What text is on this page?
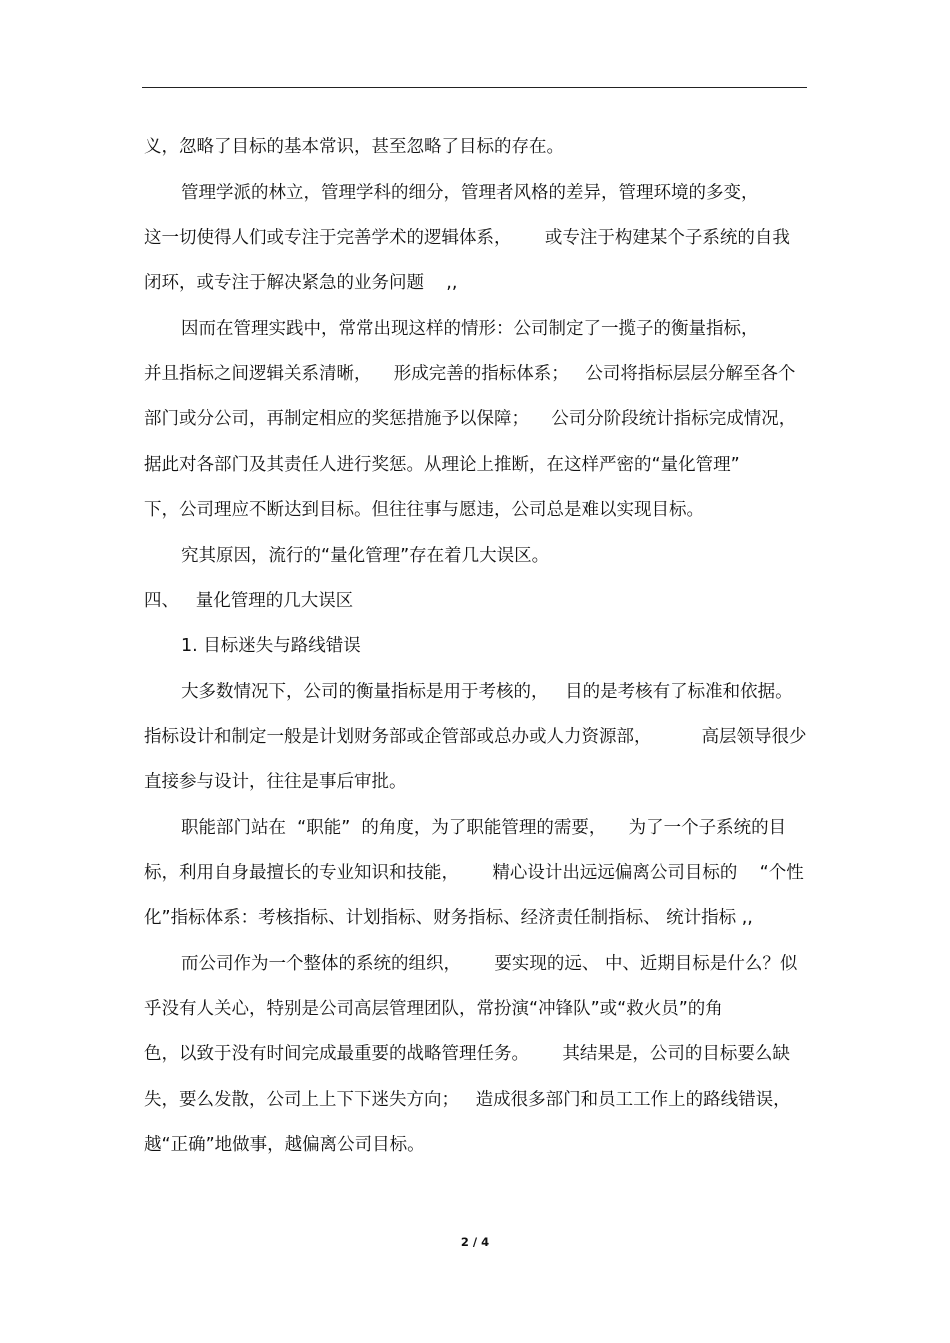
义，忽略了目标的基本常识，甚至忽略了目标的存在。
管理学派的林立，管理学科的细分，管理者风格的差异，管理环境的多变，
这一切使得人们或专注于完善学术的逻辑体系，      或专注于构建某个子系统的自我
闭环，或专注于解决紧急的业务问题    ,,
因而在管理实践中，常常出现这样的情形：公司制定了一揽子的衡量指标，
并且指标之间逻辑关系清晰，    形成完善的指标体系；   公司将指标层层分解至各个
部门或分公司，再制定相应的奖惩措施予以保障；    公司分阶段统计指标完成情况，
据此对各部门及其责任人进行奖惩。从理论上推断，在这样严密的“量化管理”
下，公司理应不断达到目标。但往往事与愿违，公司总是难以实现目标。
究其原因，流行的“量化管理”存在着几大误区。
四、   量化管理的几大误区
1. 目标迷失与路线错误
大多数情况下，公司的衡量指标是用于考核的，   目的是考核有了标准和依据。
指标设计和制定一般是计划财务部或企管部或总办或人力资源部，         高层领导很少
直接参与设计，往往是事后审批。
职能部门站在  “职能”  的角度，为了职能管理的需要，    为了一个子系统的目
标，利用自身最擅长的专业知识和技能，      精心设计出远远偏离公司目标的    “个性
化”指标体系：考核指标、计划指标、财务指标、经济责任制指标、 统计指标 ,,
而公司作为一个整体的系统的组织，      要实现的远、 中、近期目标是什么？似
乎没有人关心，特别是公司高层管理团队，常扮演“冲锋队”或“救火员”的角
色，以致于没有时间完成最重要的战略管理任务。      其结果是，公司的目标要么缺
失，要么发散，公司上上下下迷失方向；   造成很多部门和员工工作上的路线错误，
越“正确”地做事，越偏离公司目标。
2 / 4
